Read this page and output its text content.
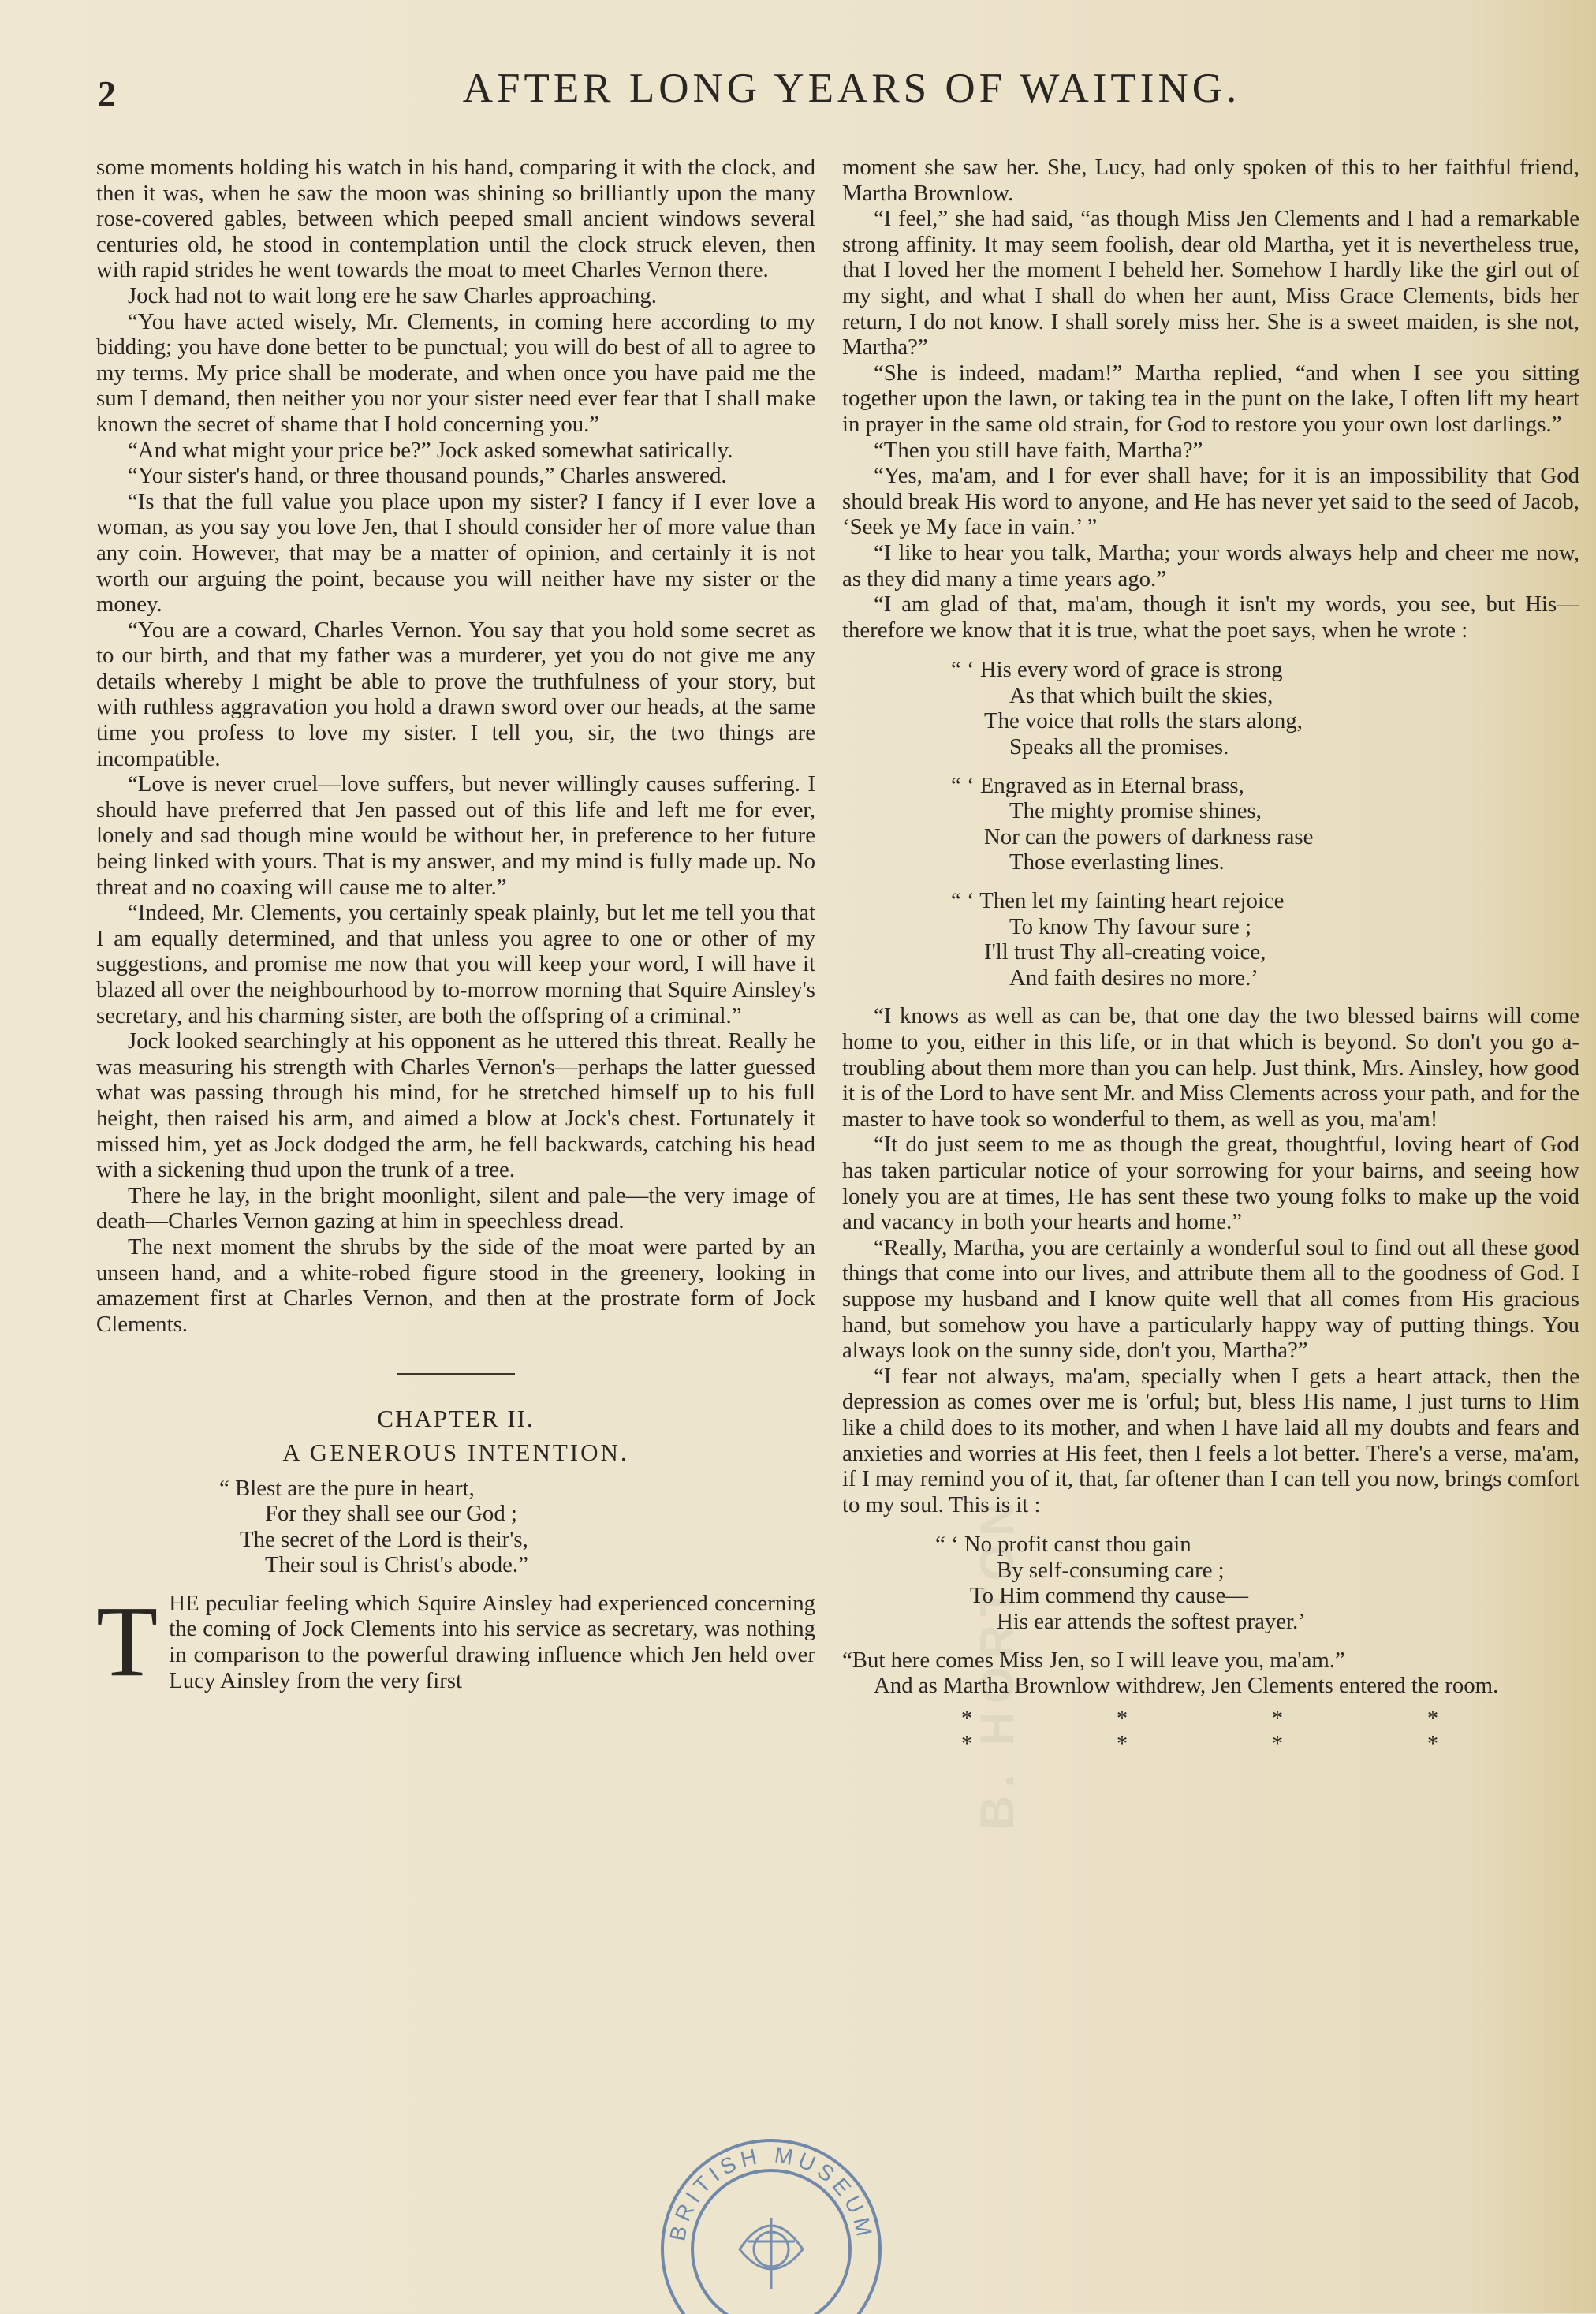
2	AFTER LONG YEARS OF WAITING.

some moments holding his watch in his hand, comparing it with the clock, and then it was, when he saw the moon was shining so brilliantly upon the many rose-covered gables, between which peeped small ancient windows several centuries old, he stood in contemplation until the clock struck eleven, then with rapid strides he went towards the moat to meet Charles Vernon there.

Jock had not to wait long ere he saw Charles approaching.

“You have acted wisely, Mr. Clements, in coming here according to my bidding; you have done better to be punctual; you will do best of all to agree to my terms. My price shall be moderate, and when once you have paid me the sum I demand, then neither you nor your sister need ever fear that I shall make known the secret of shame that I hold concerning you.”

“And what might your price be?” Jock asked somewhat satirically.

“Your sister's hand, or three thousand pounds,” Charles answered.

“Is that the full value you place upon my sister? I fancy if I ever love a woman, as you say you love Jen, that I should consider her of more value than any coin. However, that may be a matter of opinion, and certainly it is not worth our arguing the point, because you will neither have my sister or the money.

“You are a coward, Charles Vernon. You say that you hold some secret as to our birth, and that my father was a murderer, yet you do not give me any details whereby I might be able to prove the truthfulness of your story, but with ruthless aggravation you hold a drawn sword over our heads, at the same time you profess to love my sister. I tell you, sir, the two things are incompatible.

“Love is never cruel—love suffers, but never willingly causes suffering. I should have preferred that Jen passed out of this life and left me for ever, lonely and sad though mine would be without her, in preference to her future being linked with yours. That is my answer, and my mind is fully made up. No threat and no coaxing will cause me to alter.”

“Indeed, Mr. Clements, you certainly speak plainly, but let me tell you that I am equally determined, and that unless you agree to one or other of my suggestions, and promise me now that you will keep your word, I will have it blazed all over the neighbourhood by to-morrow morning that Squire Ainsley's secretary, and his charming sister, are both the offspring of a criminal.”

Jock looked searchingly at his opponent as he uttered this threat. Really he was measuring his strength with Charles Vernon's—perhaps the latter guessed what was passing through his mind, for he stretched himself up to his full height, then raised his arm, and aimed a blow at Jock's chest. Fortunately it missed him, yet as Jock dodged the arm, he fell backwards, catching his head with a sickening thud upon the trunk of a tree.

There he lay, in the bright moonlight, silent and pale—the very image of death—Charles Vernon gazing at him in speechless dread.

The next moment the shrubs by the side of the moat were parted by an unseen hand, and a white-robed figure stood in the greenery, looking in amazement first at Charles Vernon, and then at the prostrate form of Jock Clements.

CHAPTER II.
A GENEROUS INTENTION.
“ Blest are the pure in heart,
For they shall see our God ;
The secret of the Lord is their's,
Their soul is Christ's abode.”

T HE peculiar feeling which Squire Ainsley had experienced concerning the coming of Jock Clements into his service as secretary, was nothing in comparison to the powerful drawing influence which Jen held over Lucy Ainsley from the very first

moment she saw her. She, Lucy, had only spoken of this to her faithful friend, Martha Brownlow.

“I feel,” she had said, “as though Miss Jen Clements and I had a remarkable strong affinity. It may seem foolish, dear old Martha, yet it is nevertheless true, that I loved her the moment I beheld her. Somehow I hardly like the girl out of my sight, and what I shall do when her aunt, Miss Grace Clements, bids her return, I do not know. I shall sorely miss her. She is a sweet maiden, is she not, Martha?”

“She is indeed, madam!” Martha replied, “and when I see you sitting together upon the lawn, or taking tea in the punt on the lake, I often lift my heart in prayer in the same old strain, for God to restore you your own lost darlings.”

“Then you still have faith, Martha?”

“Yes, ma'am, and I for ever shall have; for it is an impossibility that God should break His word to anyone, and He has never yet said to the seed of Jacob, ‘Seek ye My face in vain.’ ”

“I like to hear you talk, Martha; your words always help and cheer me now, as they did many a time years ago.”

“I am glad of that, ma'am, though it isn't my words, you see, but His—therefore we know that it is true, what the poet says, when he wrote :

“ ‘ His every word of grace is strong
As that which built the skies,
The voice that rolls the stars along,
Speaks all the promises.
“ ‘ Engraved as in Eternal brass,
The mighty promise shines,
Nor can the powers of darkness rase
Those everlasting lines.
“ ‘ Then let my fainting heart rejoice
To know Thy favour sure ;
I'll trust Thy all-creating voice,
And faith desires no more.’

“I knows as well as can be, that one day the two blessed bairns will come home to you, either in this life, or in that which is beyond. So don't you go a-troubling about them more than you can help. Just think, Mrs. Ainsley, how good it is of the Lord to have sent Mr. and Miss Clements across your path, and for the master to have took so wonderful to them, as well as you, ma'am!

“It do just seem to me as though the great, thoughtful, loving heart of God has taken particular notice of your sorrowing for your bairns, and seeing how lonely you are at times, He has sent these two young folks to make up the void and vacancy in both your hearts and home.”

“Really, Martha, you are certainly a wonderful soul to find out all these good things that come into our lives, and attribute them all to the goodness of God. I suppose my husband and I know quite well that all comes from His gracious hand, but somehow you have a particularly happy way of putting things. You always look on the sunny side, don't you, Martha?”

“I fear not always, ma'am, specially when I gets a heart attack, then the depression as comes over me is 'orful; but, bless His name, I just turns to Him like a child does to its mother, and when I have laid all my doubts and fears and anxieties and worries at His feet, then I feels a lot better. There's a verse, ma'am, if I may remind you of it, that, far oftener than I can tell you now, brings comfort to my soul. This is it :

“ ‘ No profit canst thou gain
By self-consuming care ;
To Him commend thy cause—
His ear attends the softest prayer.’

“But here comes Miss Jen, so I will leave you, ma'am.”

And as Martha Brownlow withdrew, Jen Clements entered the room.

* * * * * * * *
B. HORTON
BRITISH MUSEUM
